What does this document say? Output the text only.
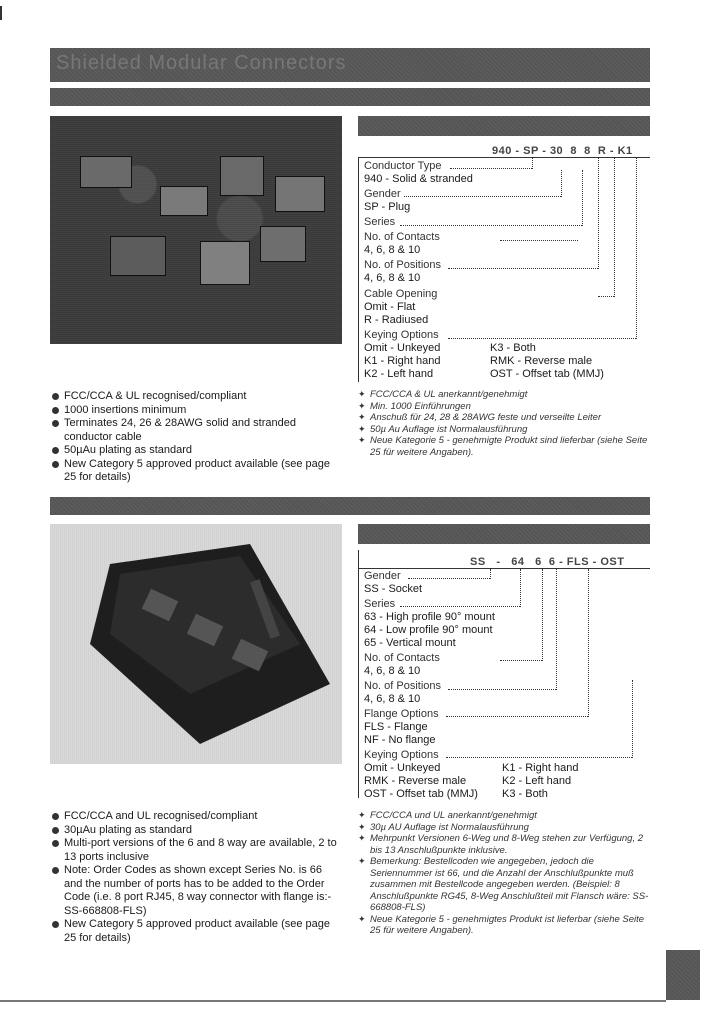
Shielded Modular Connectors
940 - SP - 30 8 8 R - K1
Conductor Type
940 - Solid & stranded
Gender
SP - Plug
Series
No. of Contacts
4, 6, 8 & 10
No. of Positions
4, 6, 8 & 10
Cable Opening
Omit - Flat
R - Radiused
Keying Options
Omit - Unkeyed
K1 - Right hand
K2 - Left hand
K3 - Both
RMK - Reverse male
OST - Offset tab (MMJ)
FCC/CCA & UL recognised/compliant
1000 insertions minimum
Terminates 24, 26 & 28AWG solid and stranded conductor cable
50µAu plating as standard
New Category 5 approved product available (see page 25 for details)
✦ FCC/CCA & UL anerkannt/genehmigt
✦ Min. 1000 Einführungen
✦ Anschuß für 24, 28 & 28AWG feste und verseilte Leiter
✦ 50µ Au Auflage ist Normalausführung
✦ Neue Kategorie 5 - genehmigte Produkt sind lieferbar (siehe Seite 25 für weitere Angaben).
SS - 64 6 6 - FLS - OST
Gender
SS - Socket
Series
63 - High profile 90° mount
64 - Low profile 90° mount
65 - Vertical mount
No. of Contacts
4, 6, 8 & 10
No. of Positions
4, 6, 8 & 10
Flange Options
FLS - Flange
NF - No flange
Keying Options
Omit - Unkeyed
RMK - Reverse male
OST - Offset tab (MMJ)
K1 - Right hand
K2 - Left hand
K3 - Both
FCC/CCA and UL recognised/compliant
30µAu plating as standard
Multi-port versions of the 6 and 8 way are available, 2 to 13 ports inclusive
Note: Order Codes as shown except Series No. is 66 and the number of ports has to be added to the Order Code (i.e. 8 port RJ45, 8 way connector with flange is:- SS-668808-FLS)
New Category 5 approved product available (see page 25 for details)
✦ FCC/CCA und UL anerkannt/genehmigt
✦ 30µ AU Auflage ist Normalausführung
✦ Mehrpunkt Versionen 6-Weg und 8-Weg stehen zur Verfügung, 2 bis 13 Anschlußpunkte inklusive.
✦ Bemerkung: Bestellcoden wie angegeben, jedoch die Seriennummer ist 66, und die Anzahl der Anschlußpunkte muß zusammen mit Bestellcode angegeben werden. (Beispiel: 8 Anschlußpunkte RG45, 8-Weg Anschlußteil mit Flansch wäre: SS-668808-FLS)
✦ Neue Kategorie 5 - genehmigtes Produkt ist lieferbar (siehe Seite 25 für weitere Angaben).
